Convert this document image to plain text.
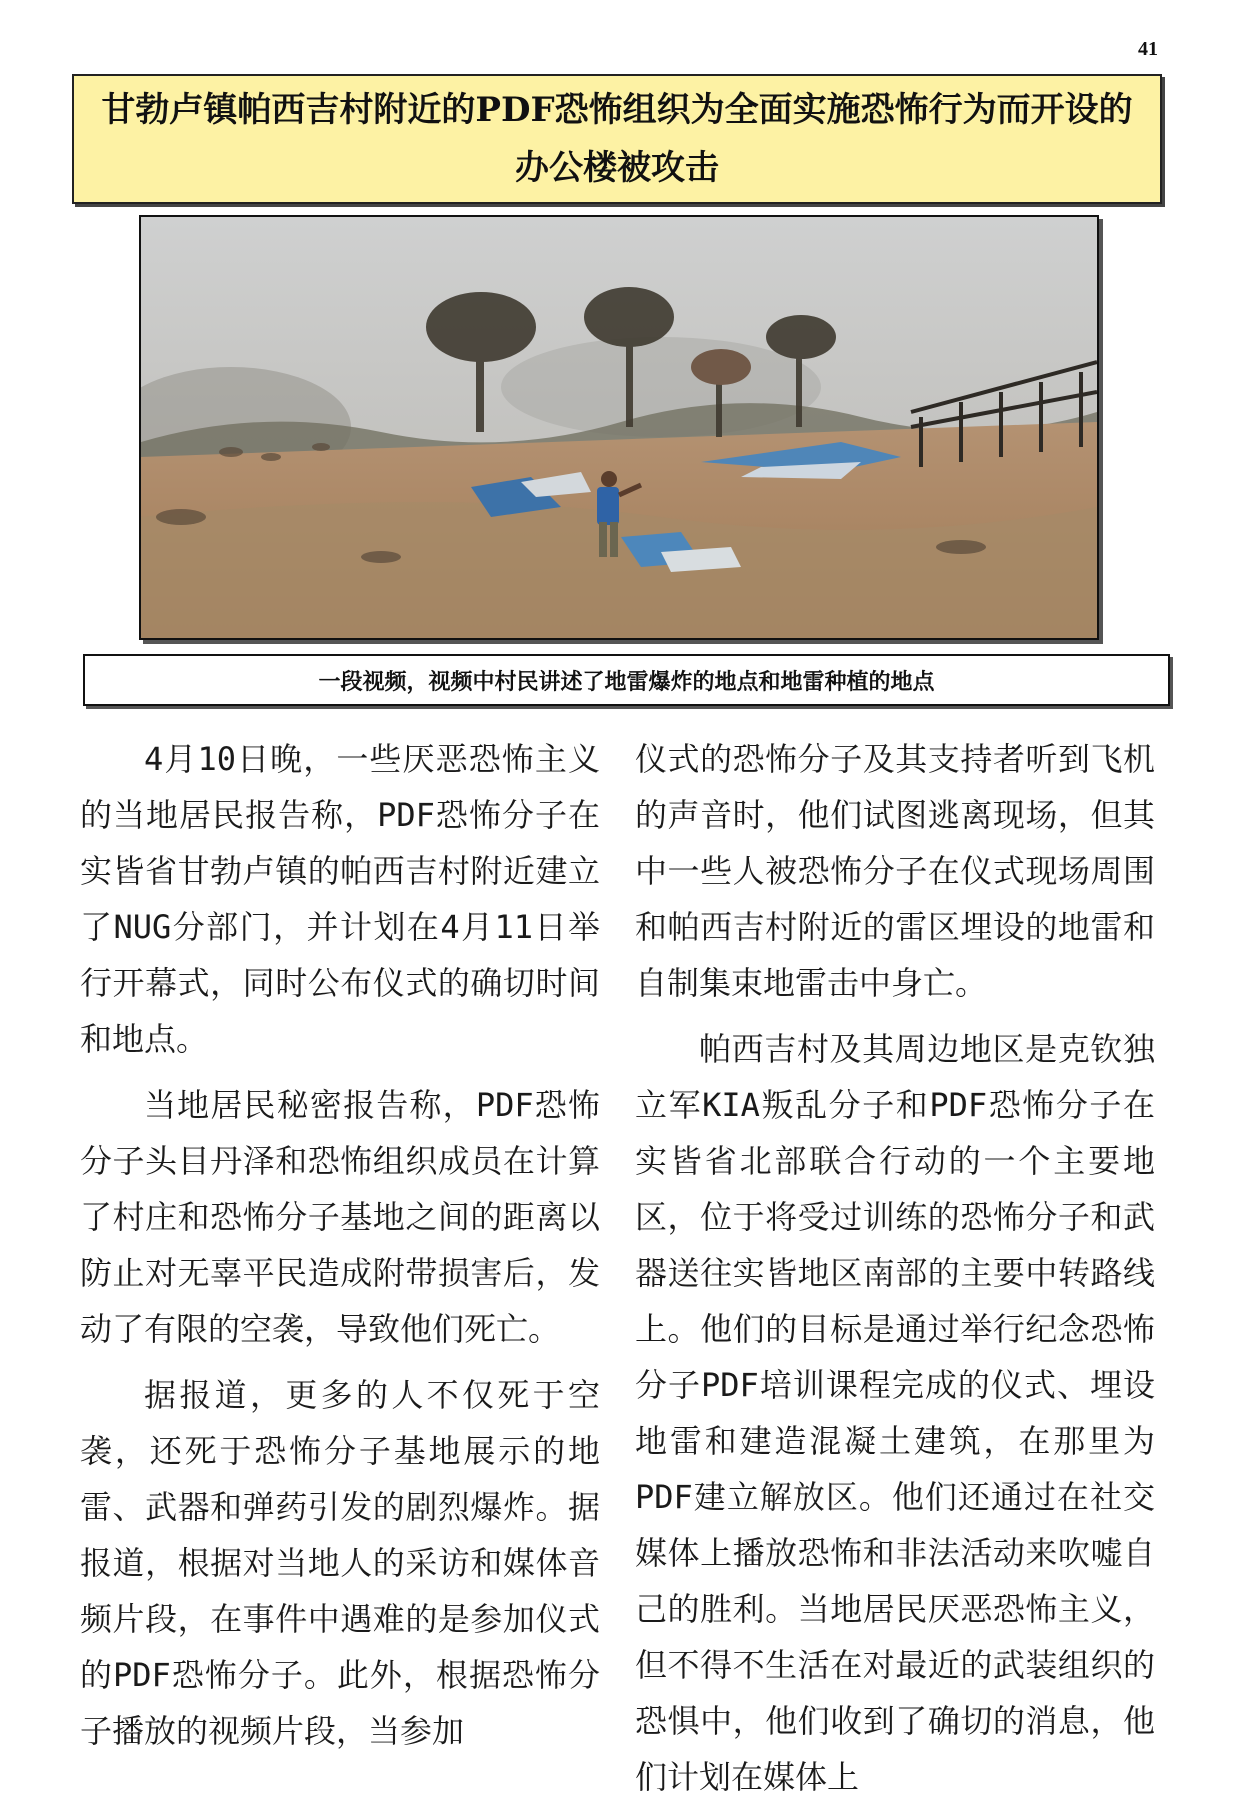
41
甘勃卢镇帕西吉村附近的PDF恐怖组织为全面实施恐怖行为而开设的办公楼被攻击
一段视频，视频中村民讲述了地雷爆炸的地点和地雷种植的地点

4月10日晚，一些厌恶恐怖主义的当地居民报告称，PDF恐怖分子在实皆省甘勃卢镇的帕西吉村附近建立了NUG分部门，并计划在4月11日举行开幕式，同时公布仪式的确切时间和地点。

当地居民秘密报告称，PDF恐怖分子头目丹泽和恐怖组织成员在计算了村庄和恐怖分子基地之间的距离以防止对无辜平民造成附带损害后，发动了有限的空袭，导致他们死亡。

据报道，更多的人不仅死于空袭，还死于恐怖分子基地展示的地雷、武器和弹药引发的剧烈爆炸。据报道，根据对当地人的采访和媒体音频片段，在事件中遇难的是参加仪式的PDF恐怖分子。此外，根据恐怖分子播放的视频片段，当参加

仪式的恐怖分子及其支持者听到飞机的声音时，他们试图逃离现场，但其中一些人被恐怖分子在仪式现场周围和帕西吉村附近的雷区埋设的地雷和自制集束地雷击中身亡。

帕西吉村及其周边地区是克钦独立军KIA叛乱分子和PDF恐怖分子在实皆省北部联合行动的一个主要地区，位于将受过训练的恐怖分子和武器送往实皆地区南部的主要中转路线上。他们的目标是通过举行纪念恐怖分子PDF培训课程完成的仪式、埋设地雷和建造混凝土建筑，在那里为PDF建立解放区。他们还通过在社交媒体上播放恐怖和非法活动来吹嘘自己的胜利。当地居民厌恶恐怖主义，但不得不生活在对最近的武装组织的恐惧中，他们收到了确切的消息，他们计划在媒体上
